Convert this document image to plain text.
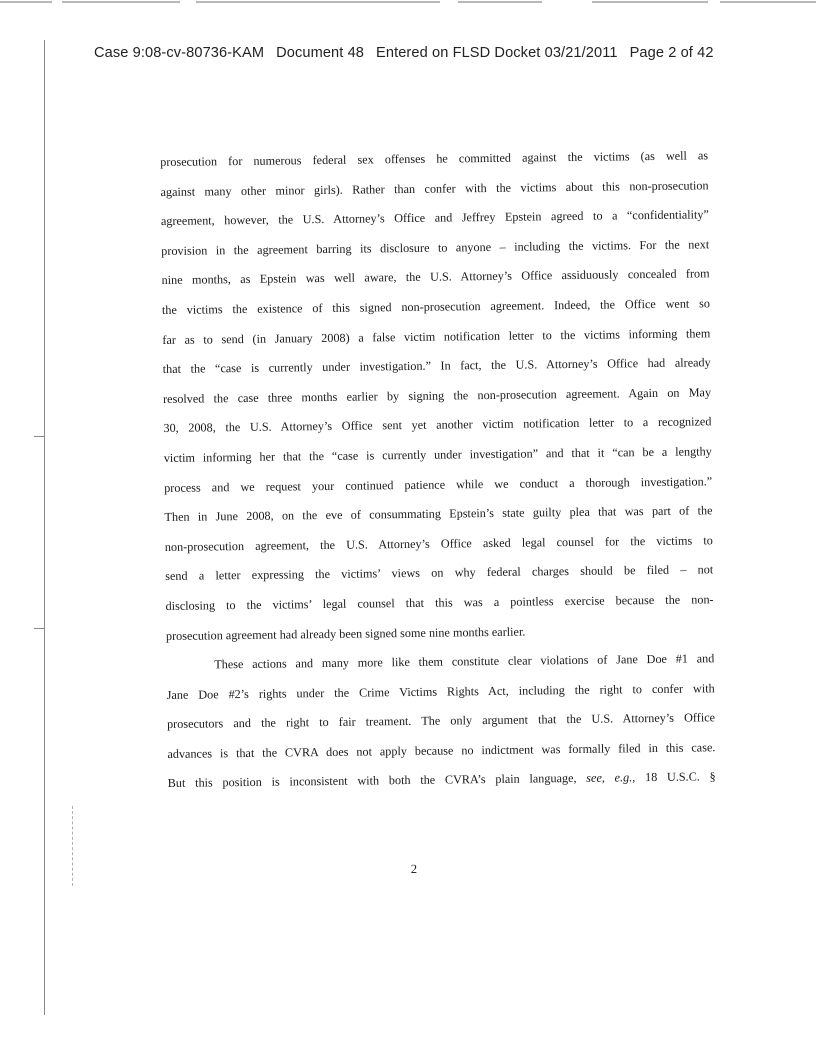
Case 9:08-cv-80736-KAM Document 48 Entered on FLSD Docket 03/21/2011 Page 2 of 42

prosecution for numerous federal sex offenses he committed against the victims (as well as

against many other minor girls). Rather than confer with the victims about this non-prosecution

agreement, however, the U.S. Attorney’s Office and Jeffrey Epstein agreed to a “confidentiality”

provision in the agreement barring its disclosure to anyone – including the victims. For the next

nine months, as Epstein was well aware, the U.S. Attorney’s Office assiduously concealed from

the victims the existence of this signed non-prosecution agreement. Indeed, the Office went so

far as to send (in January 2008) a false victim notification letter to the victims informing them

that the “case is currently under investigation.” In fact, the U.S. Attorney’s Office had already

resolved the case three months earlier by signing the non-prosecution agreement. Again on May

30, 2008, the U.S. Attorney’s Office sent yet another victim notification letter to a recognized

victim informing her that the “case is currently under investigation” and that it “can be a lengthy

process and we request your continued patience while we conduct a thorough investigation.”

Then in June 2008, on the eve of consummating Epstein’s state guilty plea that was part of the

non-prosecution agreement, the U.S. Attorney’s Office asked legal counsel for the victims to

send a letter expressing the victims’ views on why federal charges should be filed – not

disclosing to the victims’ legal counsel that this was a pointless exercise because the non-

prosecution agreement had already been signed some nine months earlier.

These actions and many more like them constitute clear violations of Jane Doe #1 and

Jane Doe #2’s rights under the Crime Victims Rights Act, including the right to confer with

prosecutors and the right to fair treament. The only argument that the U.S. Attorney’s Office

advances is that the CVRA does not apply because no indictment was formally filed in this case.

But this position is inconsistent with both the CVRA’s plain language, see, e.g., 18 U.S.C. §

2
